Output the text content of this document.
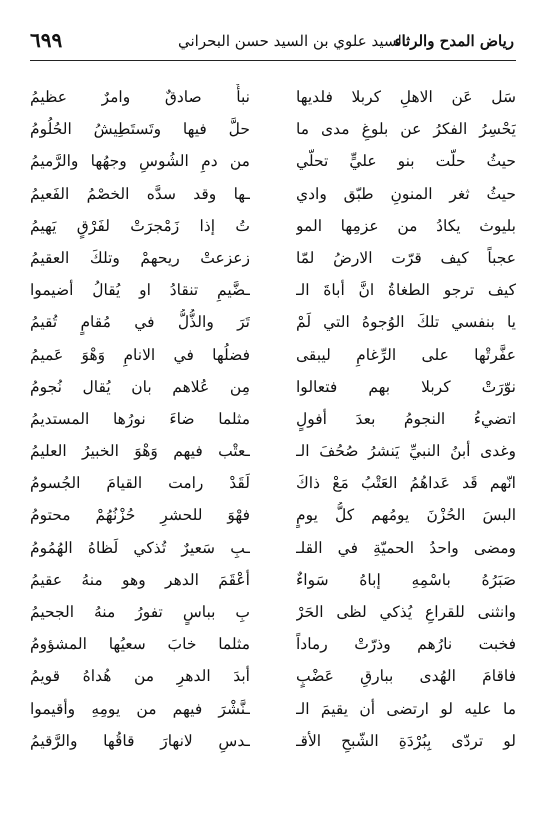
رياض المدح والرثاء
السيد علوي بن السيد حسن البحراني
٦٩٩
سَل عَن الاهلِ كربلا فلديها
نبأٌ صادقٌ وامرٌ عظيمُ
يَحْسِرُ الفكرُ عن بلوغِ مدى ما
حلَّ فيها وتَستَطِيشُ الحُلُومُ
حيثُ حلّت بنو عليٍّ تحلّي
من دمِ الشُوسِ وجهُها والرَّميمُ
حيثُ ثغر المنونِ طبّق وادي
ـها وقد سدَّه الخصْمُ الفَعيمُ
بليوث يكادُ من عزمِها المو
تُ إذا زَمْجرَتْ لفَرْقٍ يَهيمُ
عجباً كيف قرّت الارضُ لمّا
زعزعتْ ريحهمْ وتلكَ العقيمُ
كيف ترجو الطغاةُ انَّ أباةَ الـ
ـضَّيمِ تنقادُ او يُقالُ أضيموا
يا بنفسي تلكَ الوُجوهُ التي لَمْ
تَرَ والذُّلُّ في مُقامٍ تُقيمُ
عفَّرتْها على الرِّغامِ ليبقى
فضلُها في الانامِ وَهْوَ عَميمُ
نوّرَتْ كربلا بهم فتعالوا
مِن عُلاهم بان يُقال نُجومُ
اتضيءُ النجومُ بعدَ أفولٍ
مثلما ضاءَ نورُها المستديمُ
وغدى أبنُ النبيِّ يَنشرُ صُحُفَ الـ
ـعتْب فيهم وَهْوَ الخبيرُ العليمُ
انّهم قَد عَداهُمُ العَتْبُ مَعْ ذاكَ
لَقَدْ رامت القيامَ الجُسومُ
البسَ الحُزْنَ يومُهم كلُّ يومٍ
فهْوَ للحشرِ حُزْنُهُمْ محتومُ
ومضى واحدُ الحميّةِ في القلـ
ـبِ سَعيرٌ تُذكي لَظاهُ الهُمُومُ
صَبَرُهُ باسْمِهِ إباهُ سَواءٌ
أعْقَمَ الدهر وهو منهُ عقيمُ
وانثنى للقراعِ يُذكي لظى الحَرْ
بِ بباسٍ تفورُ منهُ الجحيمُ
فخبت نارُهم وذرّتْ رماداً
مثلما خابَ سعيُها المشؤومُ
فاقامَ الهُدى ببارقِ عَضْبٍ
أبدَ الدهرِ من هُداهُ قويمُ
ما عليه لو ارتضى أن يقيمَ الـ
ـنَّشْرَ فيهم من يومِهِ وأقيموا
لو تردّى بِبُرْدَةِ الشّبحِ الأقـ
ـدسِ لانهارَ قاقُها والرَّقيمُ
